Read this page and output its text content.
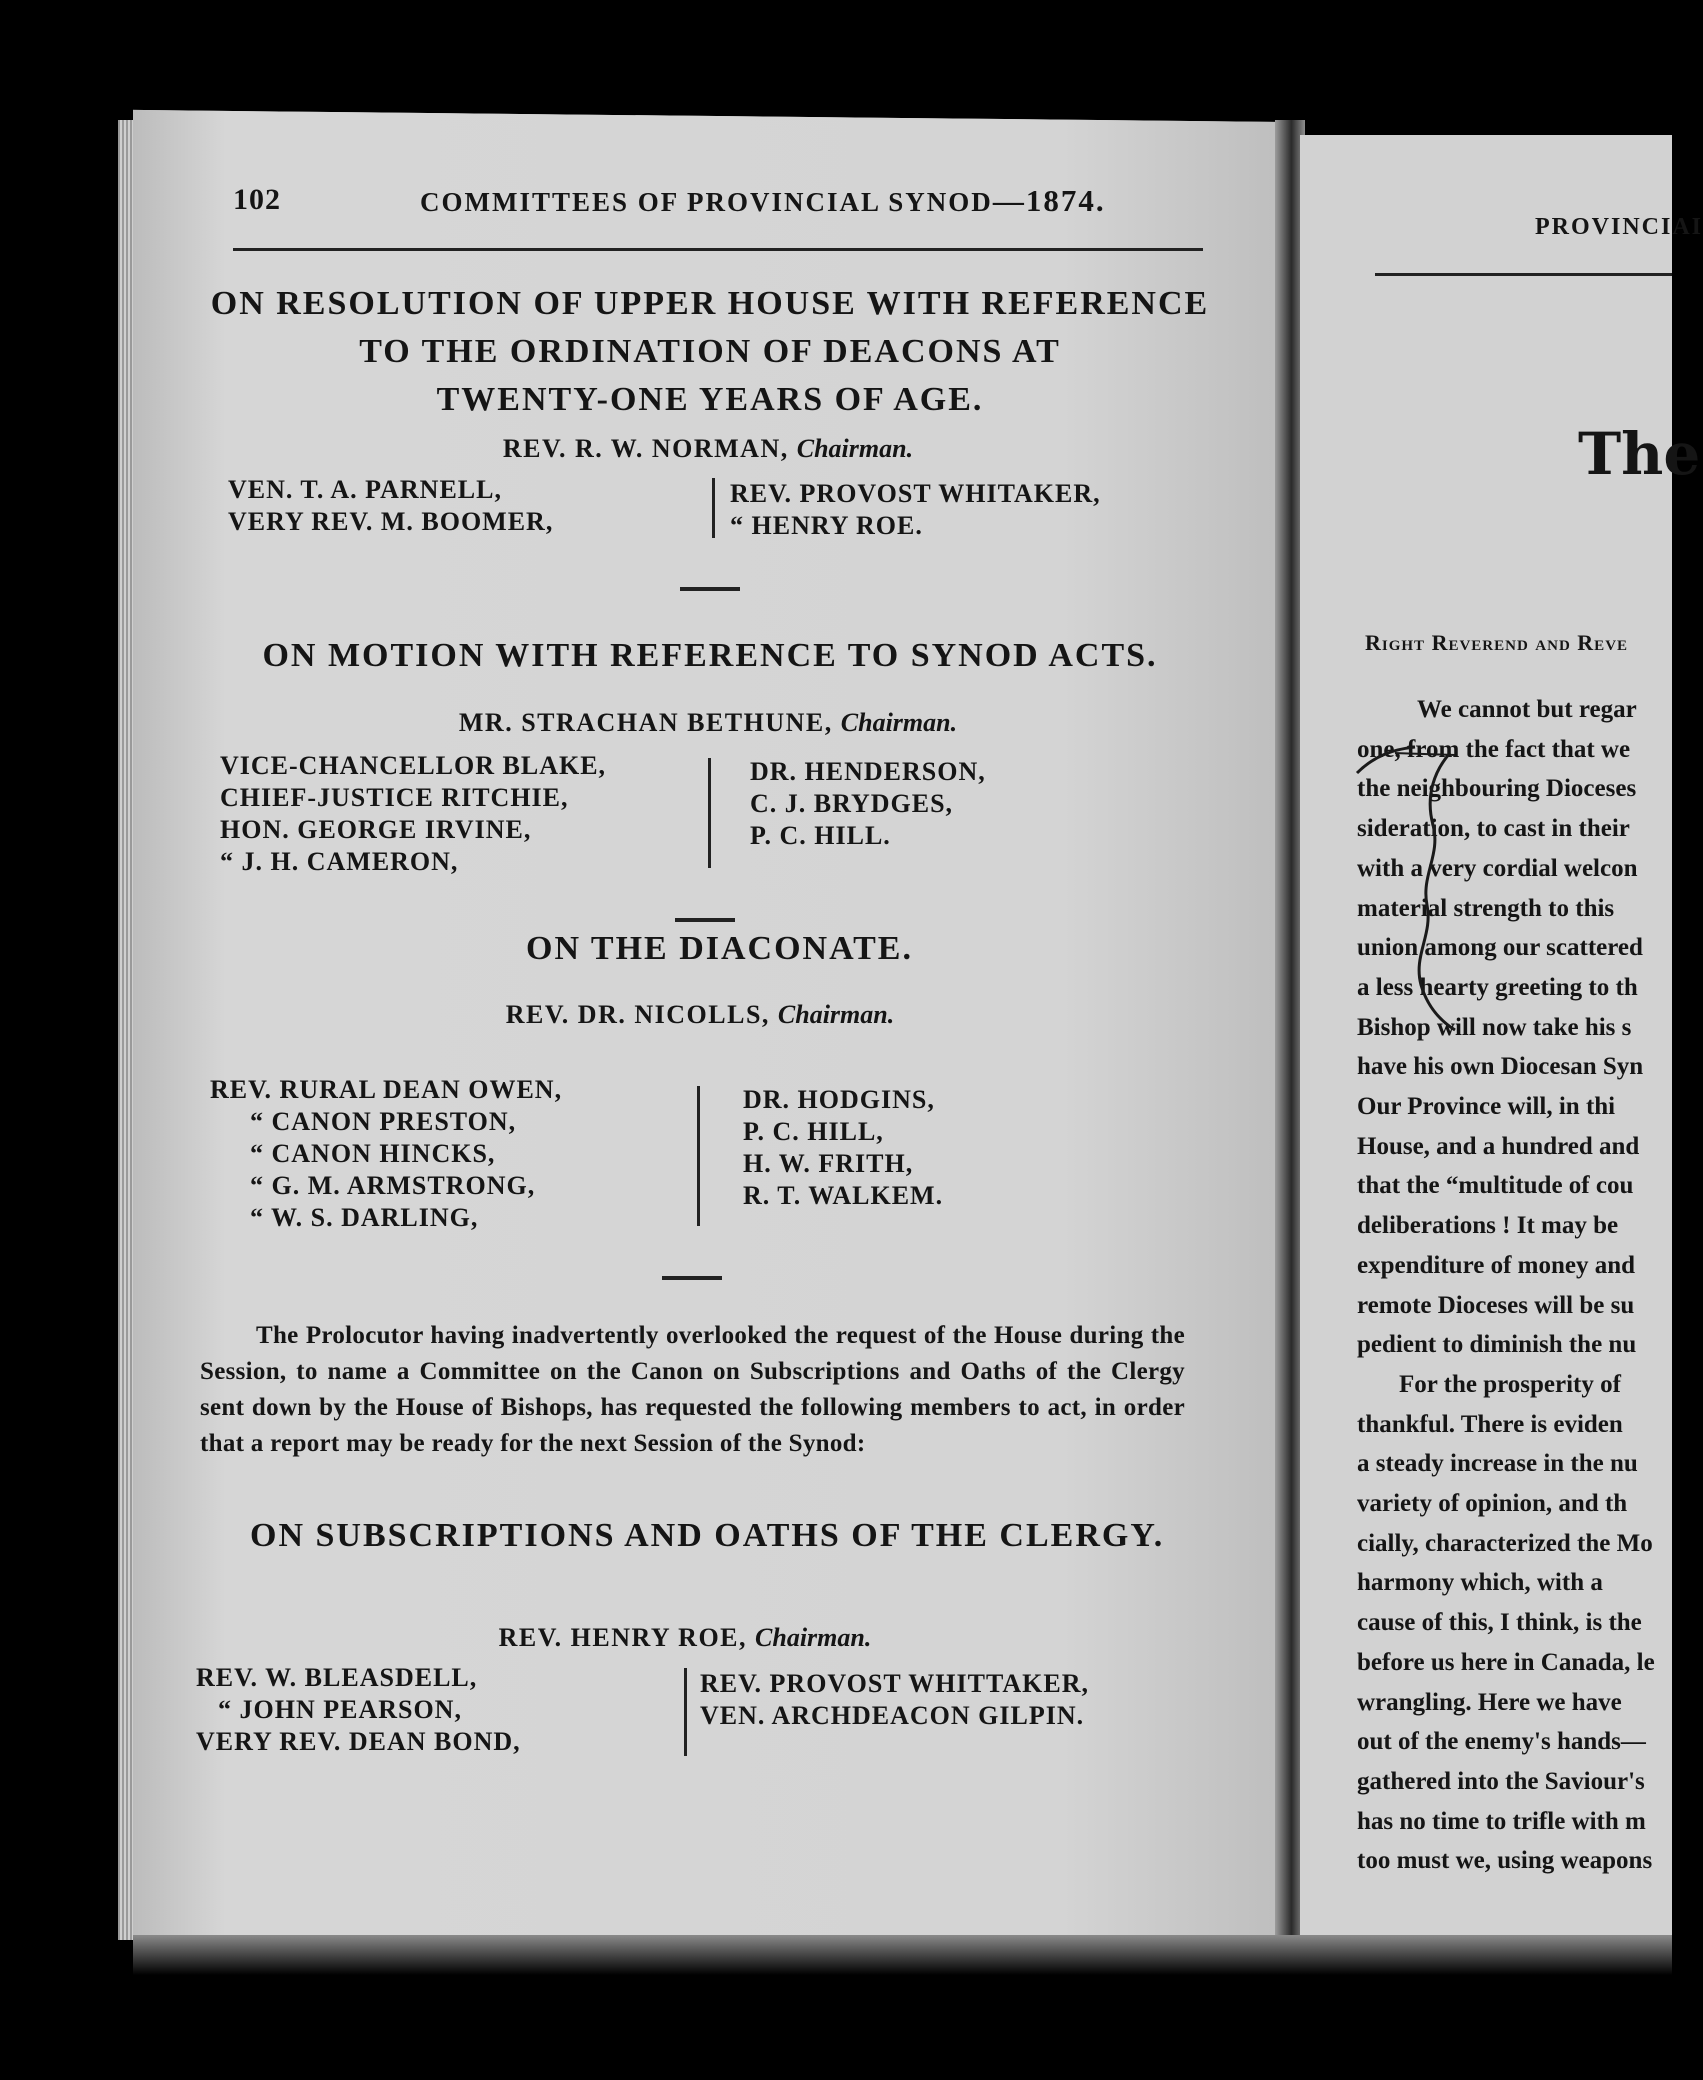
102	COMMITTEES OF PROVINCIAL SYNOD—1874.
ON RESOLUTION OF UPPER HOUSE WITH REFERENCE
TO THE ORDINATION OF DEACONS AT
TWENTY-ONE YEARS OF AGE.
REV. R. W. NORMAN, Chairman.
VEN. T. A. PARNELL,
VERY REV. M. BOOMER,
REV. PROVOST WHITAKER,
“ HENRY ROE.
ON MOTION WITH REFERENCE TO SYNOD ACTS.
MR. STRACHAN BETHUNE, Chairman.
VICE-CHANCELLOR BLAKE,
CHIEF-JUSTICE RITCHIE,
HON. GEORGE IRVINE,
“ J. H. CAMERON,
DR. HENDERSON,
C. J. BRYDGES,
P. C. HILL.
ON THE DIACONATE.
REV. DR. NICOLLS, Chairman.
REV. RURAL DEAN OWEN,
“ CANON PRESTON,
“ CANON HINCKS,
“ G. M. ARMSTRONG,
“ W. S. DARLING,
DR. HODGINS,
P. C. HILL,
H. W. FRITH,
R. T. WALKEM.
The Prolocutor having inadvertently overlooked the request of the House during the Session, to name a Committee on the Canon on Subscriptions and Oaths of the Clergy sent down by the House of Bishops, has requested the following members to act, in order that a report may be ready for the next Session of the Synod:
ON SUBSCRIPTIONS AND OATHS OF THE CLERGY.
REV. HENRY ROE, Chairman.
REV. W. BLEASDELL,
“ JOHN PEARSON,
VERY REV. DEAN BOND,
REV. PROVOST WHITTAKER,
VEN. ARCHDEACON GILPIN.
PROVINCIAI
The
Right Reverend and Reve
We cannot but regar
one, from the fact that we
the neighbouring Dioceses
sideration, to cast in their
with a very cordial welcon
material strength to this
union among our scattered
a less hearty greeting to th
Bishop will now take his s
have his own Diocesan Syn
Our Province will, in thi
House, and a hundred and
that the “multitude of cou
deliberations ! It may be
expenditure of money and
remote Dioceses will be su
pedient to diminish the nu
For the prosperity of
thankful. There is eviden
a steady increase in the nu
variety of opinion, and th
cially, characterized the Mo
harmony which, with a
cause of this, I think, is the
before us here in Canada, le
wrangling. Here we have
out of the enemy's hands—
gathered into the Saviour's
has no time to trifle with m
too must we, using weapons
